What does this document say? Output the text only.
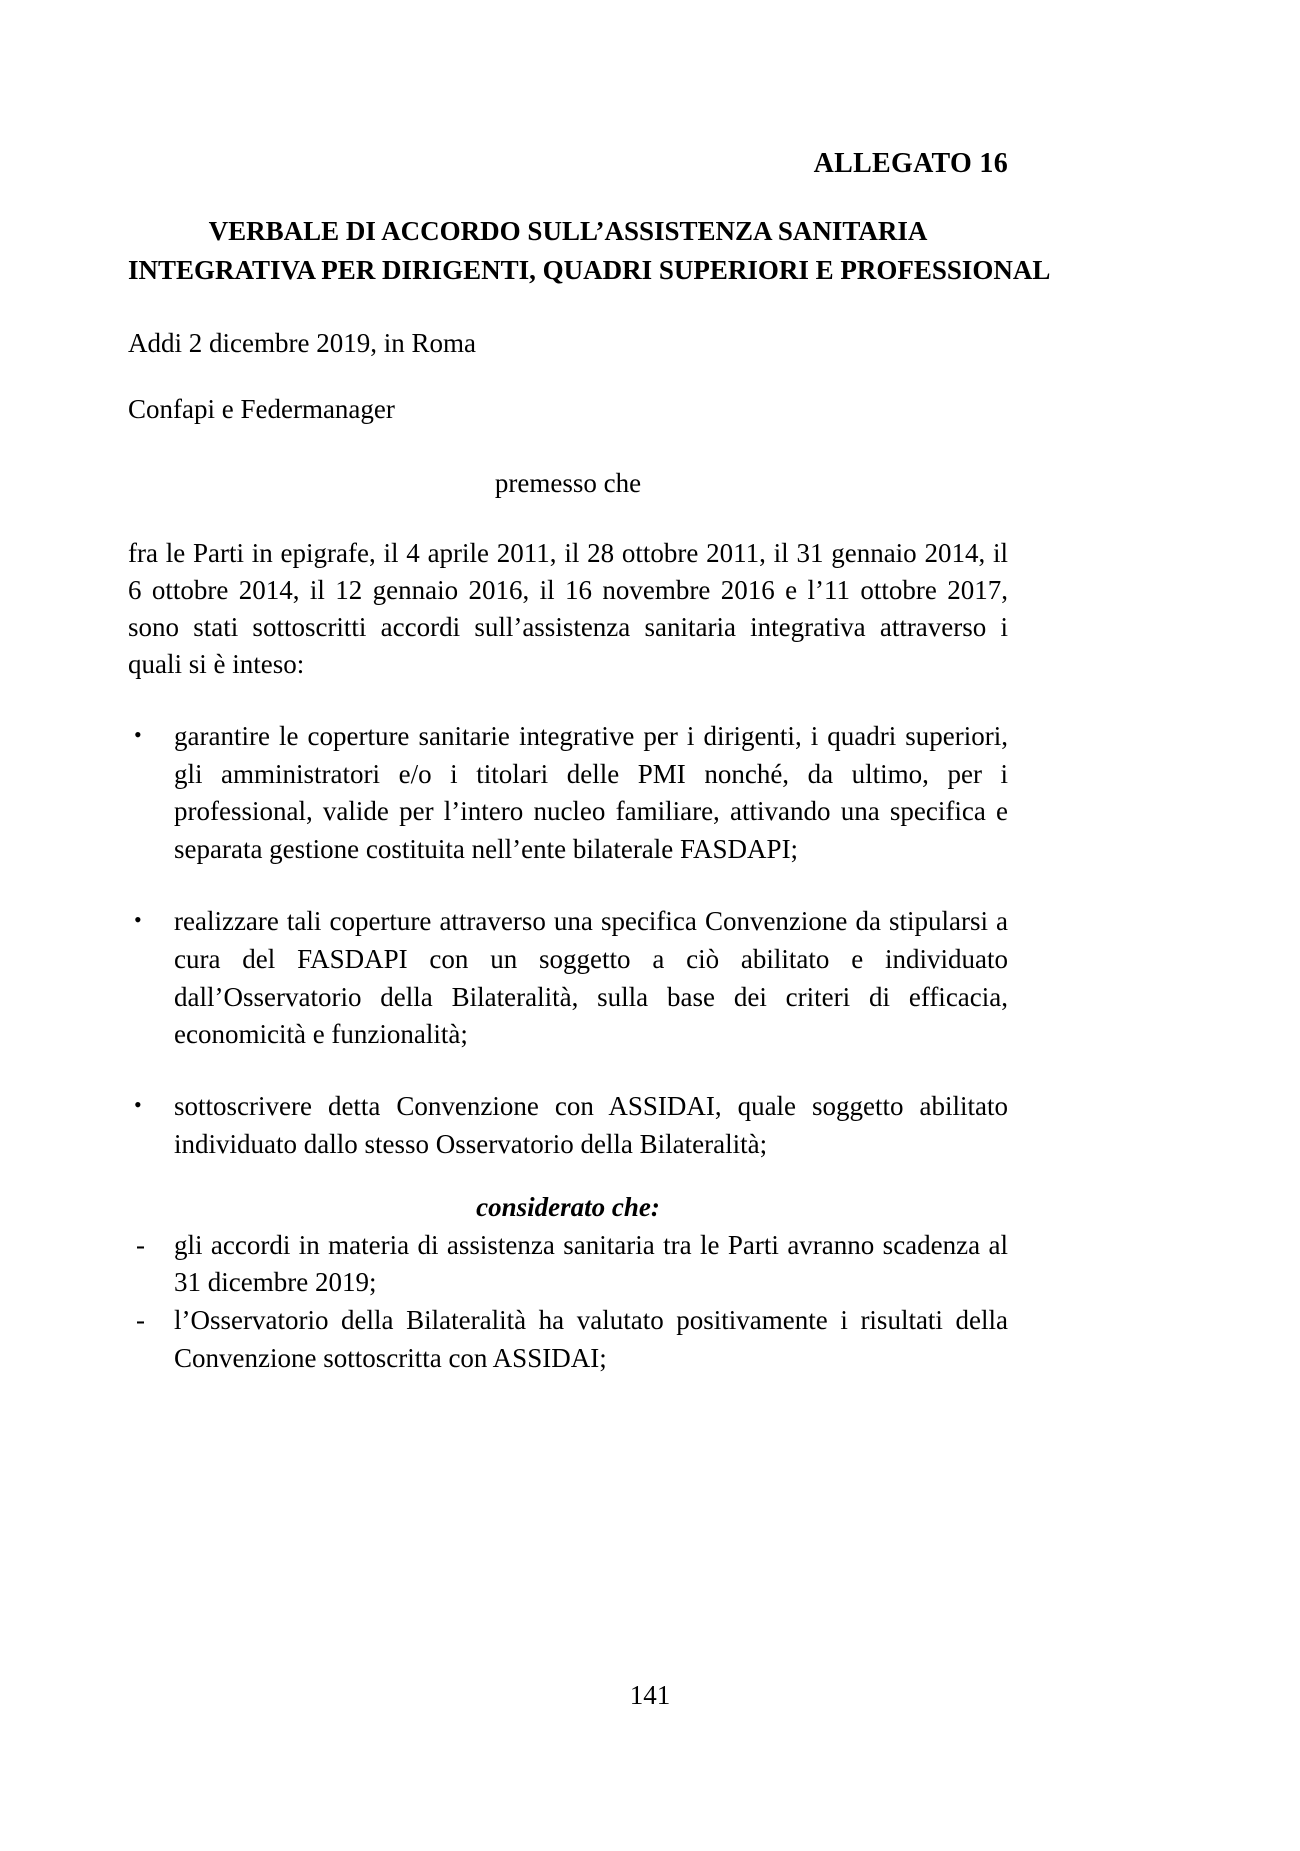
ALLEGATO 16
VERBALE DI ACCORDO SULL’ASSISTENZA SANITARIA
INTEGRATIVA PER DIRIGENTI, QUADRI SUPERIORI E PROFESSIONAL

Addi 2 dicembre 2019, in Roma

Confapi e Federmanager

premesso che

fra le Parti in epigrafe, il 4 aprile 2011, il 28 ottobre 2011, il 31 gennaio 2014, il 6 ottobre 2014, il 12 gennaio 2016, il 16 novembre 2016 e l’11 ottobre 2017, sono stati sottoscritti accordi sull’assistenza sanitaria integrativa attraverso i quali si è inteso:

• garantire le coperture sanitarie integrative per i dirigenti, i quadri superiori, gli amministratori e/o i titolari delle PMI nonché, da ultimo, per i professional, valide per l’intero nucleo familiare, attivando una specifica e separata gestione costituita nell’ente bilaterale FASDAPI;
• realizzare tali coperture attraverso una specifica Convenzione da stipularsi a cura del FASDAPI con un soggetto a ciò abilitato e individuato dall’Osservatorio della Bilateralità, sulla base dei criteri di efficacia, economicità e funzionalità;
• sottoscrivere detta Convenzione con ASSIDAI, quale soggetto abilitato individuato dallo stesso Osservatorio della Bilateralità;

considerato che:

- gli accordi in materia di assistenza sanitaria tra le Parti avranno scadenza al 31 dicembre 2019;
- l’Osservatorio della Bilateralità ha valutato positivamente i risultati della Convenzione sottoscritta con ASSIDAI;
141
